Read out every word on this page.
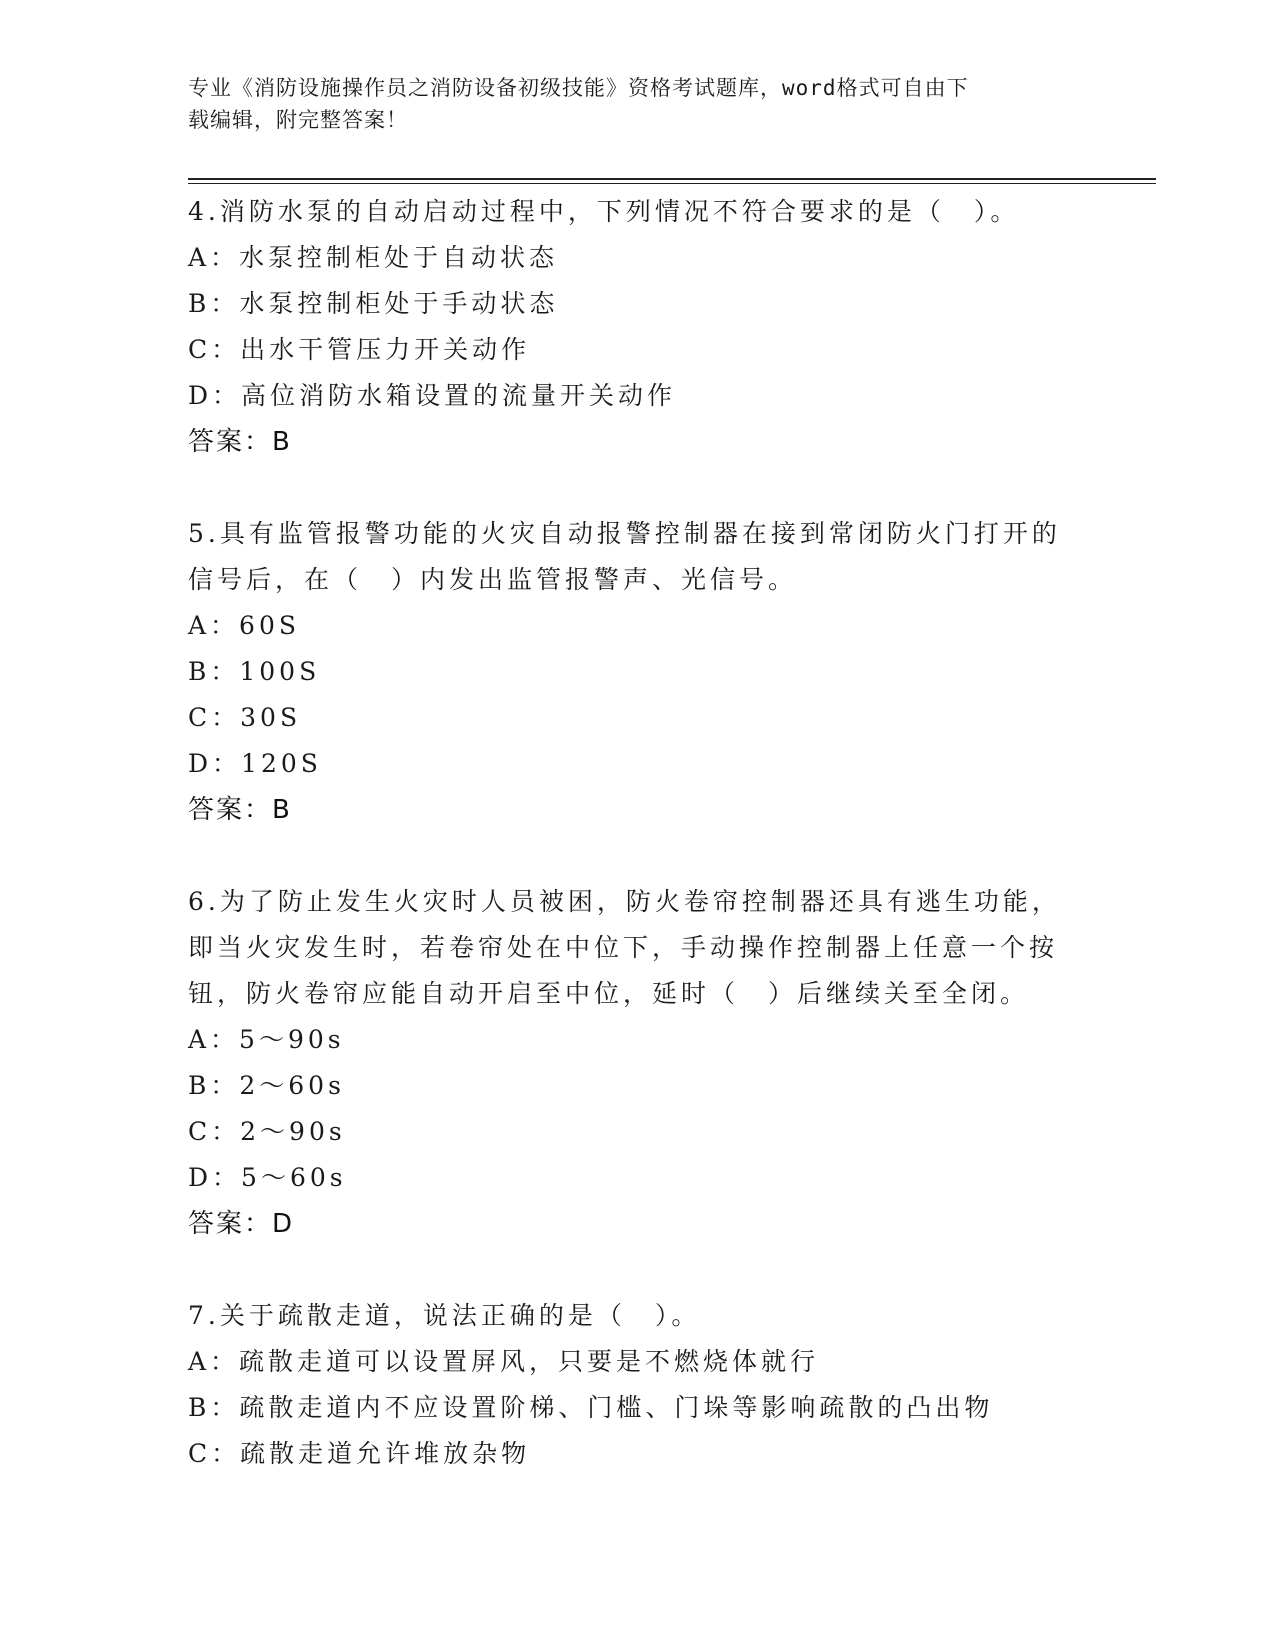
专业《消防设施操作员之消防设备初级技能》资格考试题库，word格式可自由下
载编辑，附完整答案！
4.消防水泵的自动启动过程中，下列情况不符合要求的是（　）。
A：水泵控制柜处于自动状态
B：水泵控制柜处于手动状态
C：出水干管压力开关动作
D：高位消防水箱设置的流量开关动作
答案：B
5.具有监管报警功能的火灾自动报警控制器在接到常闭防火门打开的
信号后，在（　）内发出监管报警声、光信号。
A：60S
B：100S
C：30S
D：120S
答案：B
6.为了防止发生火灾时人员被困，防火卷帘控制器还具有逃生功能，
即当火灾发生时，若卷帘处在中位下，手动操作控制器上任意一个按
钮，防火卷帘应能自动开启至中位，延时（　）后继续关至全闭。
A：5～90s
B：2～60s
C：2～90s
D：5～60s
答案：D
7.关于疏散走道，说法正确的是（　）。
A：疏散走道可以设置屏风，只要是不燃烧体就行
B：疏散走道内不应设置阶梯、门槛、门垛等影响疏散的凸出物
C：疏散走道允许堆放杂物
